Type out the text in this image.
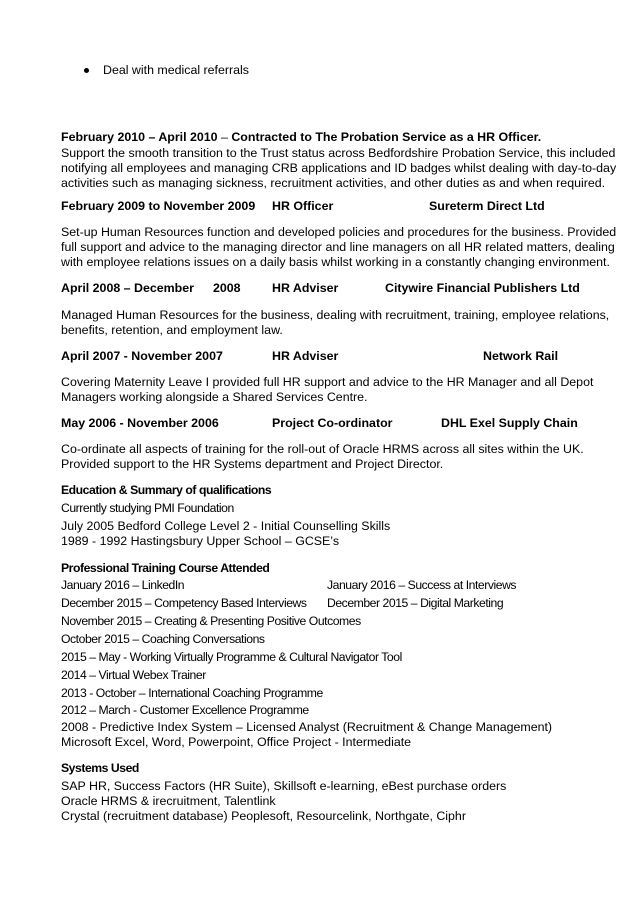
Deal with medical referrals
February 2010 – April 2010 – Contracted to The Probation Service as a HR Officer.
Support the smooth transition to the Trust status across Bedfordshire Probation Service, this included
notifying all employees and managing CRB applications and ID badges whilst dealing with day-to-day
activities such as managing sickness, recruitment activities, and other duties as and when required.
February 2009 to November 2009 HR Officer	Sureterm Direct Ltd
Set-up Human Resources function and developed policies and procedures for the business. Provided
full support and advice to the managing director and line managers on all HR related matters, dealing
with employee relations issues on a daily basis whilst working in a constantly changing environment.
April 2008 – December 2008	HR Adviser	Citywire Financial Publishers Ltd
Managed Human Resources for the business, dealing with recruitment, training, employee relations,
benefits, retention, and employment law.
April 2007 - November 2007	HR Adviser	Network Rail
Covering Maternity Leave I provided full HR support and advice to the HR Manager and all Depot
Managers working alongside a Shared Services Centre.
May 2006 - November 2006	Project Co-ordinator	DHL Exel Supply Chain
Co-ordinate all aspects of training for the roll-out of Oracle HRMS across all sites within the UK.
Provided support to the HR Systems department and Project Director.
Education & Summary of qualifications
Currently studying PMI Foundation
July 2005 Bedford College Level 2 - Initial Counselling Skills
1989 - 1992 Hastingsbury Upper School – GCSE’s
Professional Training Course Attended
January 2016 – LinkedIn	January 2016 – Success at Interviews
December 2015 – Competency Based Interviews December 2015 – Digital Marketing
November 2015 – Creating & Presenting Positive Outcomes
October 2015 – Coaching Conversations
2015 – May - Working Virtually Programme & Cultural Navigator Tool
2014 – Virtual Webex Trainer
2013 - October – International Coaching Programme
2012 – March - Customer Excellence Programme
2008 - Predictive Index System – Licensed Analyst (Recruitment & Change Management)
Microsoft Excel, Word, Powerpoint, Office Project - Intermediate
Systems Used
SAP HR, Success Factors (HR Suite), Skillsoft e-learning, eBest purchase orders
Oracle HRMS & irecruitment, Talentlink
Crystal (recruitment database) Peoplesoft, Resourcelink, Northgate, Ciphr
